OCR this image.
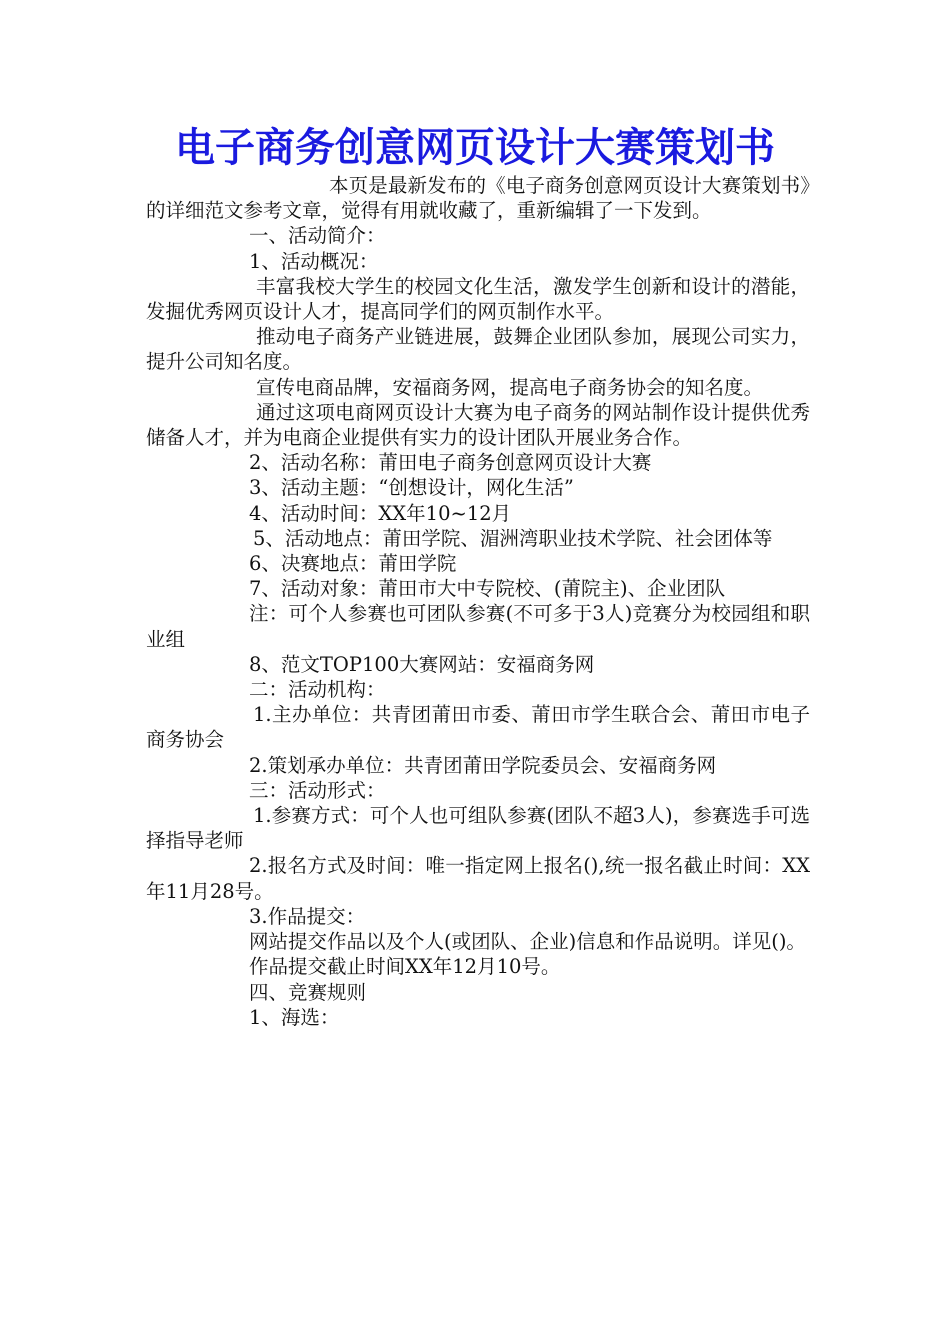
电子商务创意网页设计大赛策划书

本页是最新发布的《电子商务创意网页设计大赛策划书》的详细范文参考文章，觉得有用就收藏了，重新编辑了一下发到。

一、活动简介：

1、活动概况：

丰富我校大学生的校园文化生活，激发学生创新和设计的潜能，发掘优秀网页设计人才，提高同学们的网页制作水平。

推动电子商务产业链进展，鼓舞企业团队参加，展现公司实力，提升公司知名度。

宣传电商品牌，安福商务网，提高电子商务协会的知名度。

通过这项电商网页设计大赛为电子商务的网站制作设计提供优秀储备人才，并为电商企业提供有实力的设计团队开展业务合作。

2、活动名称：莆田电子商务创意网页设计大赛

3、活动主题：“创想设计，网化生活”

4、活动时间：XX年10~12月

5、活动地点：莆田学院、湄洲湾职业技术学院、社会团体等

6、决赛地点：莆田学院

7、活动对象：莆田市大中专院校、(莆院主)、企业团队

注：可个人参赛也可团队参赛(不可多于3人)竞赛分为校园组和职业组

8、范文TOP100大赛网站：安福商务网

二：活动机构：

1.主办单位：共青团莆田市委、莆田市学生联合会、莆田市电子商务协会

2.策划承办单位：共青团莆田学院委员会、安福商务网

三：活动形式：

1.参赛方式：可个人也可组队参赛(团队不超3人)，参赛选手可选择指导老师

2.报名方式及时间：唯一指定网上报名(),统一报名截止时间：XX年11月28号。

3.作品提交：

网站提交作品以及个人(或团队、企业)信息和作品说明。详见()。

作品提交截止时间XX年12月10号。

四、竞赛规则

1、海选：
